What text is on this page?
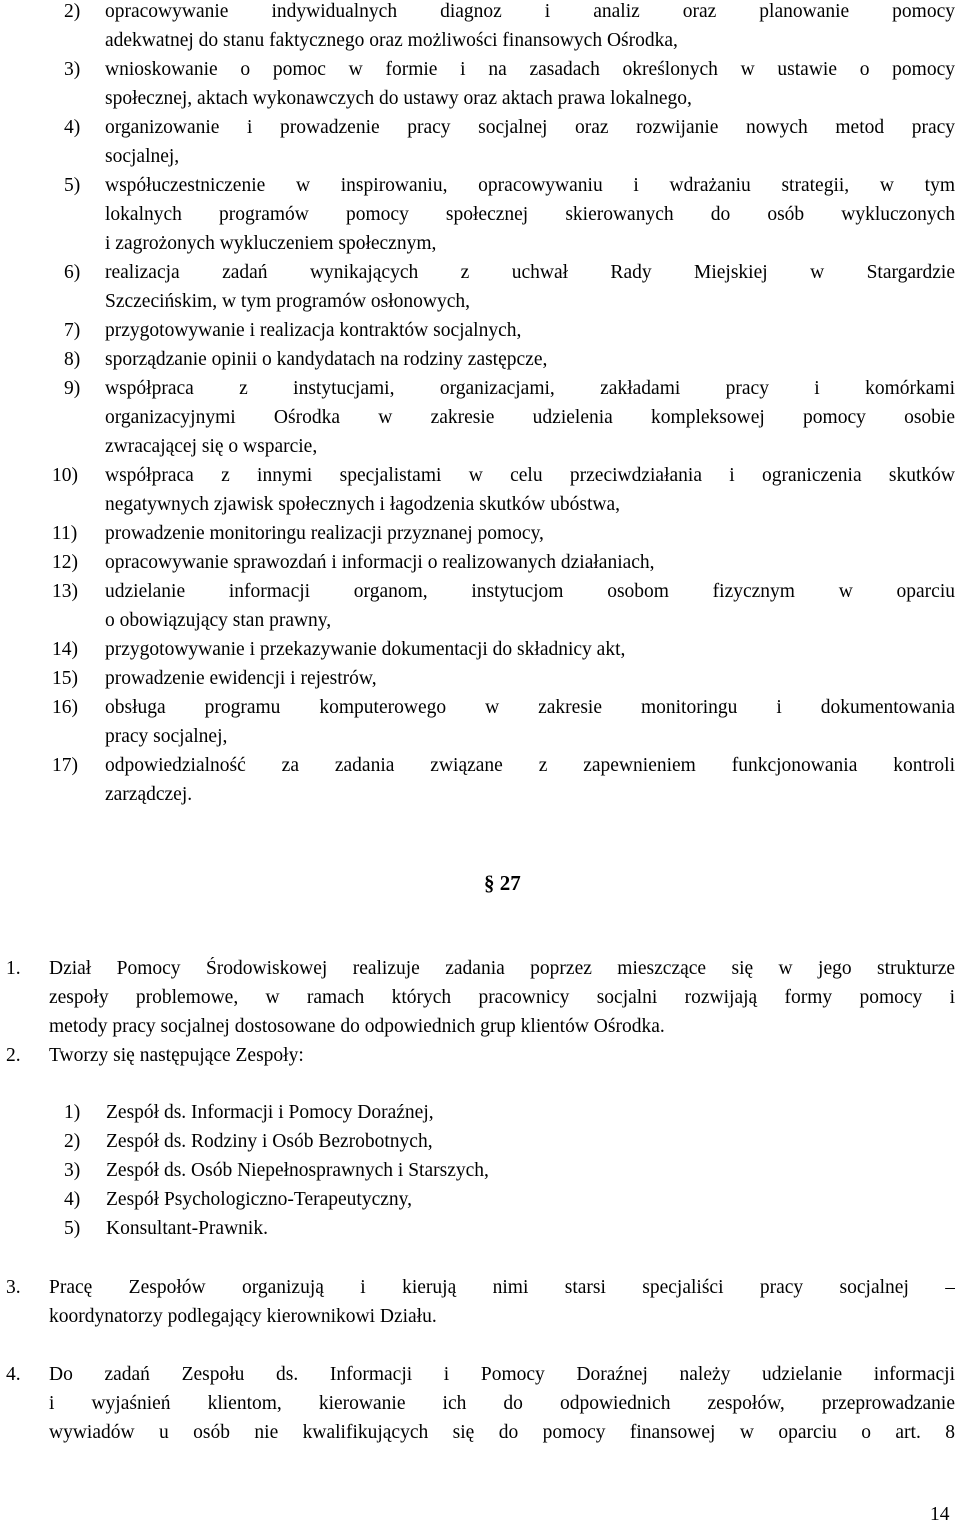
2) opracowywanie indywidualnych diagnoz i analiz oraz planowanie pomocy
adekwatnej do stanu faktycznego oraz możliwości finansowych Ośrodka,
3) wnioskowanie o pomoc w formie i na zasadach określonych w ustawie o pomocy
społecznej, aktach wykonawczych do ustawy oraz aktach prawa lokalnego,
4) organizowanie i prowadzenie pracy socjalnej oraz rozwijanie nowych metod pracy
socjalnej,
5) współuczestniczenie w inspirowaniu, opracowywaniu i wdrażaniu strategii, w tym
lokalnych programów pomocy społecznej skierowanych do osób wykluczonych
i zagrożonych wykluczeniem społecznym,
6) realizacja zadań wynikających z uchwał Rady Miejskiej w Stargardzie
Szczecińskim, w tym programów osłonowych,
7) przygotowywanie i realizacja kontraktów socjalnych,
8) sporządzanie opinii o kandydatach na rodziny zastępcze,
9) współpraca z instytucjami, organizacjami, zakładami pracy i komórkami
organizacyjnymi Ośrodka w zakresie udzielenia kompleksowej pomocy osobie
zwracającej się o wsparcie,
10) współpraca z innymi specjalistami w celu przeciwdziałania i ograniczenia skutków
negatywnych zjawisk społecznych i łagodzenia skutków ubóstwa,
11) prowadzenie monitoringu realizacji przyznanej pomocy,
12) opracowywanie sprawozdań i informacji o realizowanych działaniach,
13) udzielanie informacji organom, instytucjom osobom fizycznym w oparciu
o obowiązujący stan prawny,
14) przygotowywanie i przekazywanie dokumentacji do składnicy akt,
15) prowadzenie ewidencji i rejestrów,
16) obsługa programu komputerowego w zakresie monitoringu i dokumentowania
pracy socjalnej,
17) odpowiedzialność za zadania związane z zapewnieniem funkcjonowania kontroli
zarządczej.
§ 27
1. Dział Pomocy Środowiskowej realizuje zadania poprzez mieszczące się w jego strukturze
zespoły problemowe, w ramach których pracownicy socjalni rozwijają formy pomocy i
metody pracy socjalnej dostosowane do odpowiednich grup klientów Ośrodka.
2. Tworzy się następujące Zespoły:
1) Zespół ds. Informacji i Pomocy Doraźnej,
2) Zespół ds. Rodziny i Osób Bezrobotnych,
3) Zespół ds. Osób Niepełnosprawnych i Starszych,
4) Zespół Psychologiczno-Terapeutyczny,
5) Konsultant-Prawnik.
3. Pracę Zespołów organizują i kierują nimi starsi specjaliści pracy socjalnej –
koordynatorzy podlegający kierownikowi Działu.
4. Do zadań Zespołu ds. Informacji i Pomocy Doraźnej należy udzielanie informacji
i wyjaśnień klientom, kierowanie ich do odpowiednich zespołów, przeprowadzanie
wywiadów u osób nie kwalifikujących się do pomocy finansowej w oparciu o art. 8
14
